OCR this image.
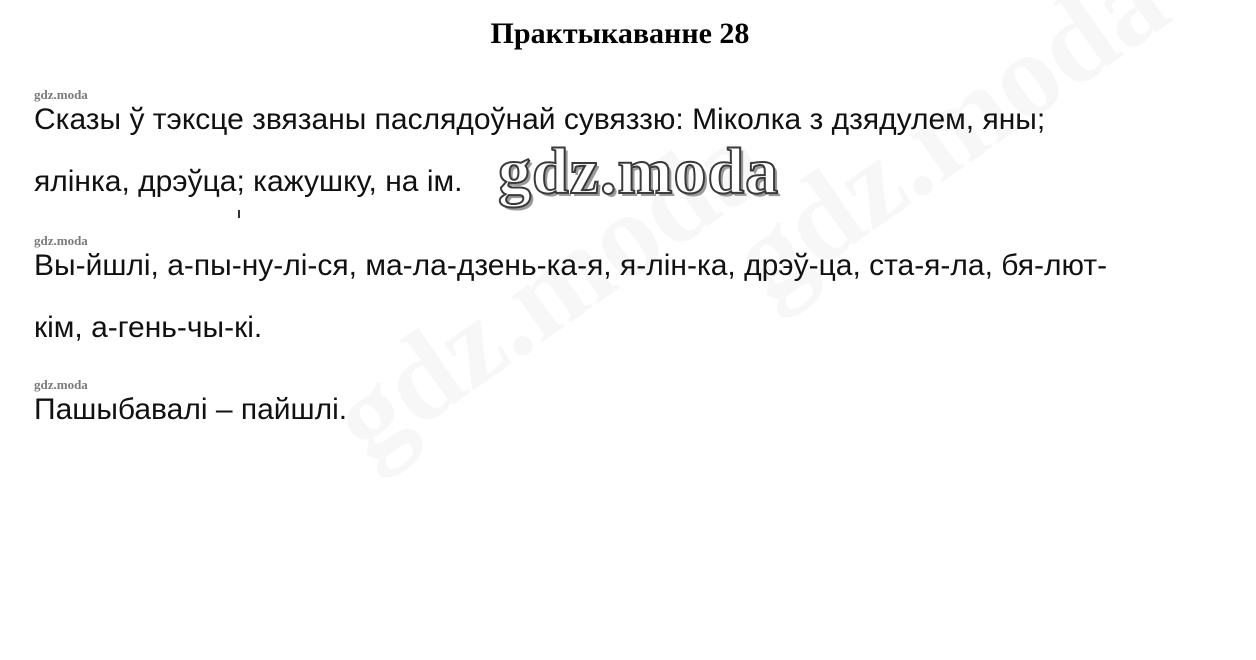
Практыкаванне 28
gdz.moda
Сказы ў тэксце звязаны паслядоўнай сувяззю: Міколка з дзядулем, яны;
ялінка, дрэўца; кажушку, на ім. gdz.moda
gdz.moda
Вы-йшлі, а-пы-ну-лі-ся, ма-ла-дзень-ка-я, я-лін-ка, дрэў-ца, ста-я-ла, бя-лют-
кім, а-гень-чы-кі.
gdz.moda
Пашыбавалі – пайшлі.
